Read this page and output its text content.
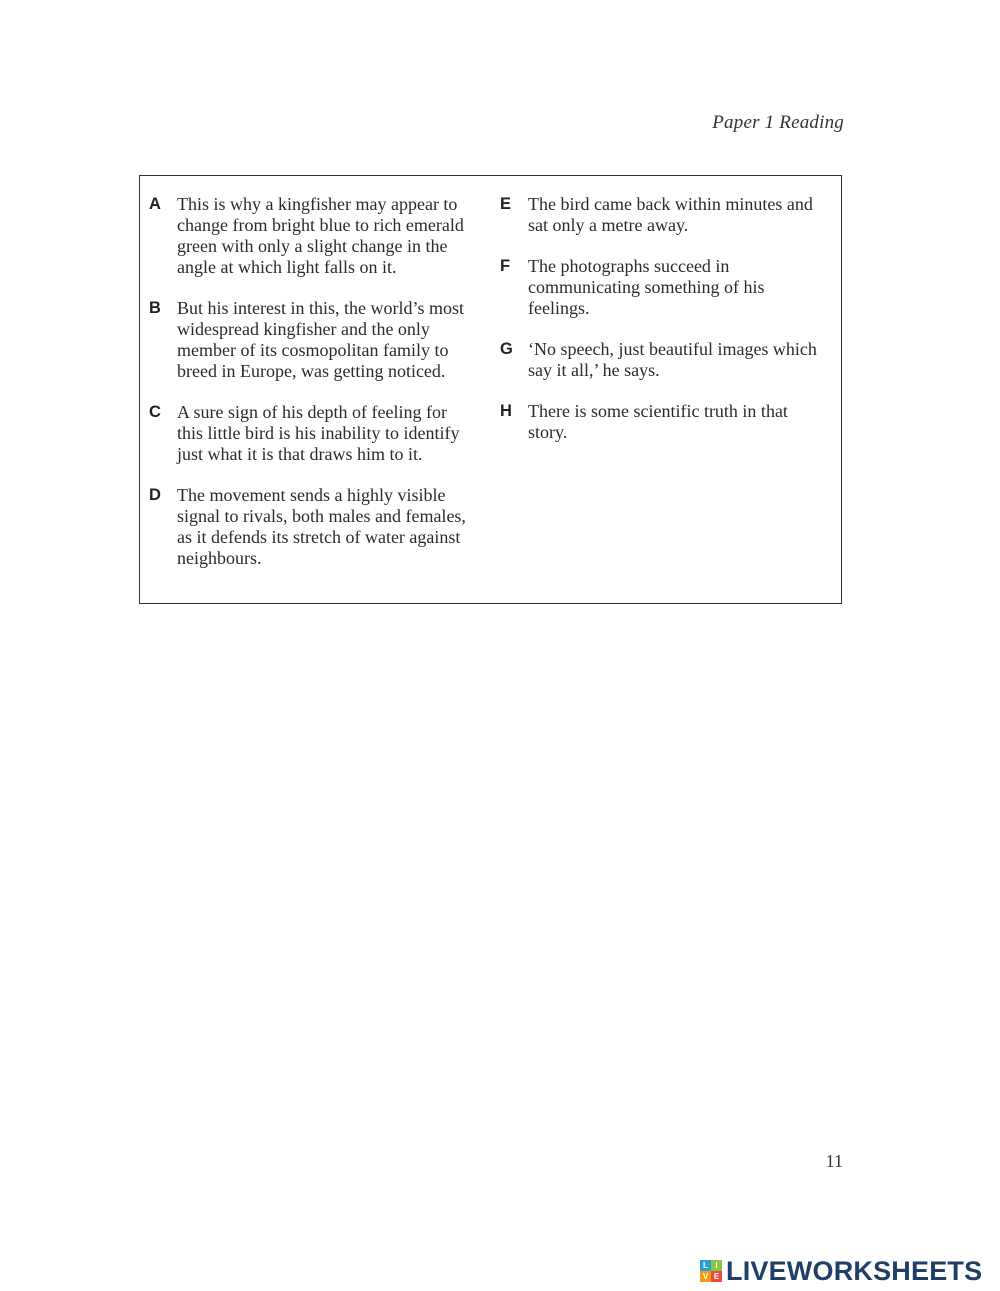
Paper 1 Reading
A This is why a kingfisher may appear to
change from bright blue to rich emerald
green with only a slight change in the
angle at which light falls on it.
B But his interest in this, the world’s most
widespread kingfisher and the only
member of its cosmopolitan family to
breed in Europe, was getting noticed.
C A sure sign of his depth of feeling for
this little bird is his inability to identify
just what it is that draws him to it.
D The movement sends a highly visible
signal to rivals, both males and females,
as it defends its stretch of water against
neighbours.
E The bird came back within minutes and
sat only a metre away.
F The photographs succeed in
communicating something of his
feelings.
G ‘No speech, just beautiful images which
say it all,’ he says.
H There is some scientific truth in that
story.
11
L I
V E LIVEWORKSHEETS
